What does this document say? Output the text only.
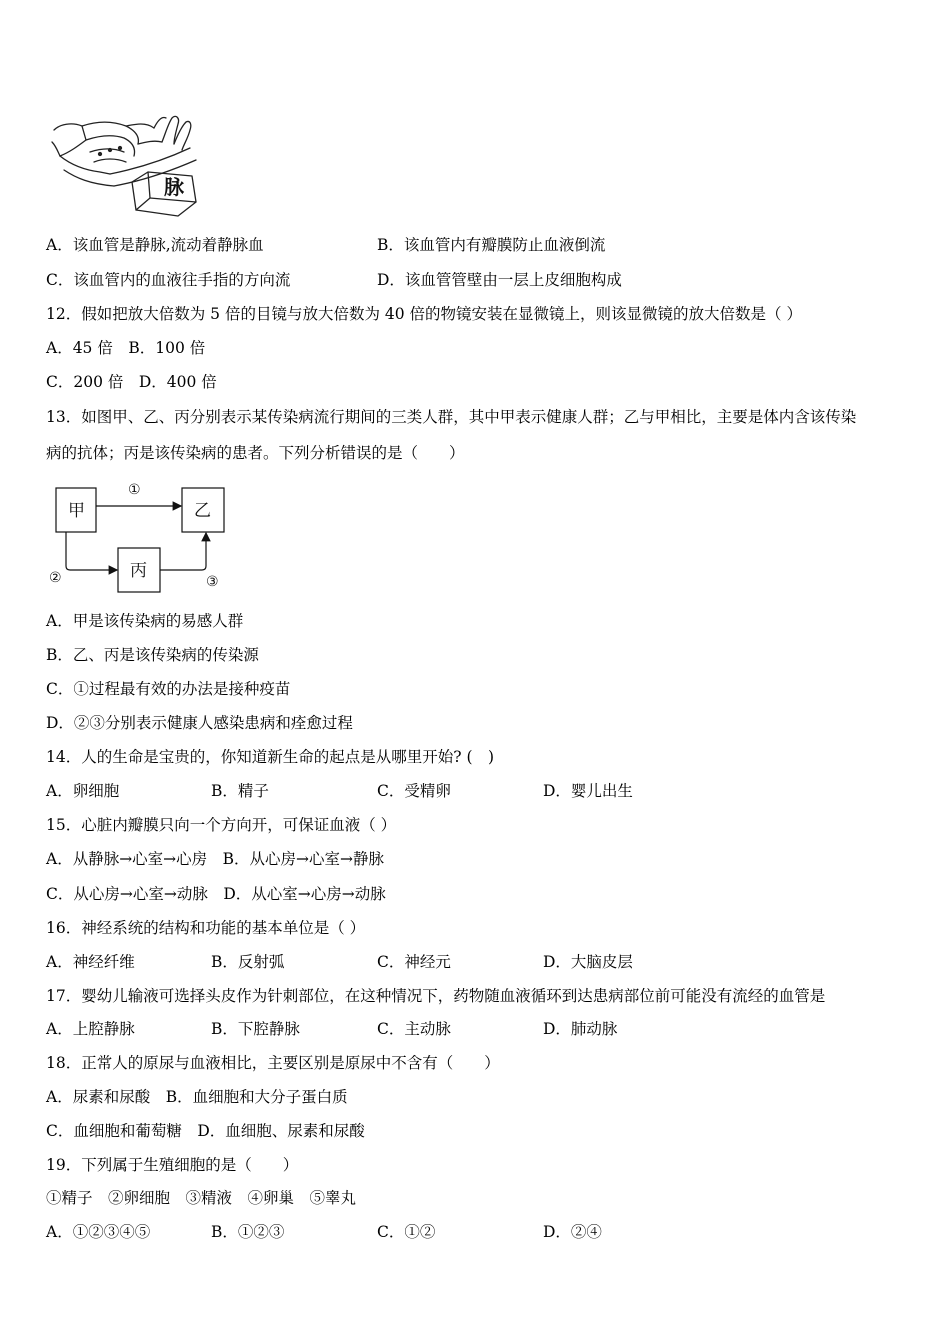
脉
A．该血管是静脉,流动着静脉血	B．该血管内有瓣膜防止血液倒流
C．该血管内的血液往手指的方向流	D．该血管管壁由一层上皮细胞构成
12．假如把放大倍数为 5 倍的目镜与放大倍数为 40 倍的物镜安装在显微镜上，则该显微镜的放大倍数是（ ）
A．45 倍　B．100 倍
C．200 倍　D．400 倍
13．如图甲、乙、丙分别表示某传染病流行期间的三类人群，其中甲表示健康人群；乙与甲相比，主要是体内含该传染
病的抗体；丙是该传染病的患者。下列分析错误的是（　　）
甲	乙
丙
①
②	③
A．甲是该传染病的易感人群
B．乙、丙是该传染病的传染源
C．①过程最有效的办法是接种疫苗
D．②③分别表示健康人感染患病和痊愈过程
14．人的生命是宝贵的，你知道新生命的起点是从哪里开始? (　)
A．卵细胞	B．精子	C．受精卵	D．婴儿出生
15．心脏内瓣膜只向一个方向开，可保证血液（ ）
A．从静脉→心室→心房　B．从心房→心室→静脉
C．从心房→心室→动脉　D．从心室→心房→动脉
16．神经系统的结构和功能的基本单位是（ ）
A．神经纤维	B．反射弧	C．神经元	D．大脑皮层
17．婴幼儿输液可选择头皮作为针刺部位，在这种情况下，药物随血液循环到达患病部位前可能没有流经的血管是
A．上腔静脉	B．下腔静脉	C．主动脉	D．肺动脉
18．正常人的原尿与血液相比，主要区别是原尿中不含有（　　）
A．尿素和尿酸　B．血细胞和大分子蛋白质
C．血细胞和葡萄糖　D．血细胞、尿素和尿酸
19．下列属于生殖细胞的是（　　）
①精子　②卵细胞　③精液　④卵巢　⑤睾丸
A．①②③④⑤	B．①②③	C．①②	D．②④
